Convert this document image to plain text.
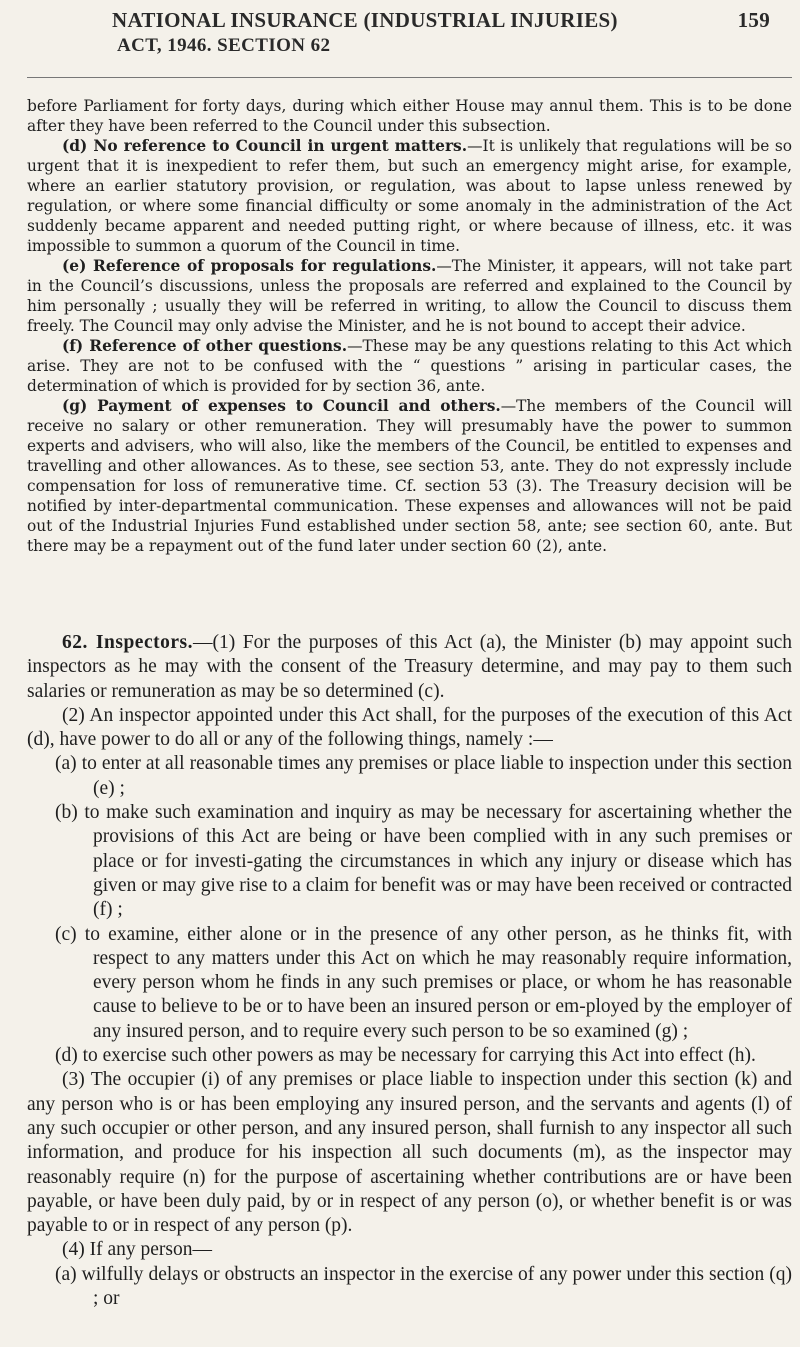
NATIONAL INSURANCE (INDUSTRIAL INJURIES)	159
ACT, 1946. SECTION 62

before Parliament for forty days, during which either House may annul them. This is to be done after they have been referred to the Council under this subsection.

(d) No reference to Council in urgent matters.—It is unlikely that regulations will be so urgent that it is inexpedient to refer them, but such an emergency might arise, for example, where an earlier statutory provision, or regulation, was about to lapse unless renewed by regulation, or where some financial difficulty or some anomaly in the administration of the Act suddenly became apparent and needed putting right, or where because of illness, etc. it was impossible to summon a quorum of the Council in time.

(e) Reference of proposals for regulations.—The Minister, it appears, will not take part in the Council’s discussions, unless the proposals are referred and explained to the Council by him personally ; usually they will be referred in writing, to allow the Council to discuss them freely. The Council may only advise the Minister, and he is not bound to accept their advice.

(f) Reference of other questions.—These may be any questions relating to this Act which arise. They are not to be confused with the “ questions ” arising in particular cases, the determination of which is provided for by section 36, ante.

(g) Payment of expenses to Council and others.—The members of the Council will receive no salary or other remuneration. They will presumably have the power to summon experts and advisers, who will also, like the members of the Council, be entitled to expenses and travelling and other allowances. As to these, see section 53, ante. They do not expressly include compensation for loss of remunerative time. Cf. section 53 (3). The Treasury decision will be notified by inter-departmental communication. These expenses and allowances will not be paid out of the Industrial Injuries Fund established under section 58, ante; see section 60, ante. But there may be a repayment out of the fund later under section 60 (2), ante.

62. Inspectors.—(1) For the purposes of this Act (a), the Minister (b) may appoint such inspectors as he may with the consent of the Treasury determine, and may pay to them such salaries or remuneration as may be so determined (c).

(2) An inspector appointed under this Act shall, for the purposes of the execution of this Act (d), have power to do all or any of the following things, namely :—

(a) to enter at all reasonable times any premises or place liable to inspection under this section (e) ;

(b) to make such examination and inquiry as may be necessary for ascertaining whether the provisions of this Act are being or have been complied with in any such premises or place or for investi-gating the circumstances in which any injury or disease which has given or may give rise to a claim for benefit was or may have been received or contracted (f) ;

(c) to examine, either alone or in the presence of any other person, as he thinks fit, with respect to any matters under this Act on which he may reasonably require information, every person whom he finds in any such premises or place, or whom he has reasonable cause to believe to be or to have been an insured person or em-ployed by the employer of any insured person, and to require every such person to be so examined (g) ;

(d) to exercise such other powers as may be necessary for carrying this Act into effect (h).

(3) The occupier (i) of any premises or place liable to inspection under this section (k) and any person who is or has been employing any insured person, and the servants and agents (l) of any such occupier or other person, and any insured person, shall furnish to any inspector all such information, and produce for his inspection all such documents (m), as the inspector may reasonably require (n) for the purpose of ascertaining whether contributions are or have been payable, or have been duly paid, by or in respect of any person (o), or whether benefit is or was payable to or in respect of any person (p).

(4) If any person—

(a) wilfully delays or obstructs an inspector in the exercise of any power under this section (q) ; or
